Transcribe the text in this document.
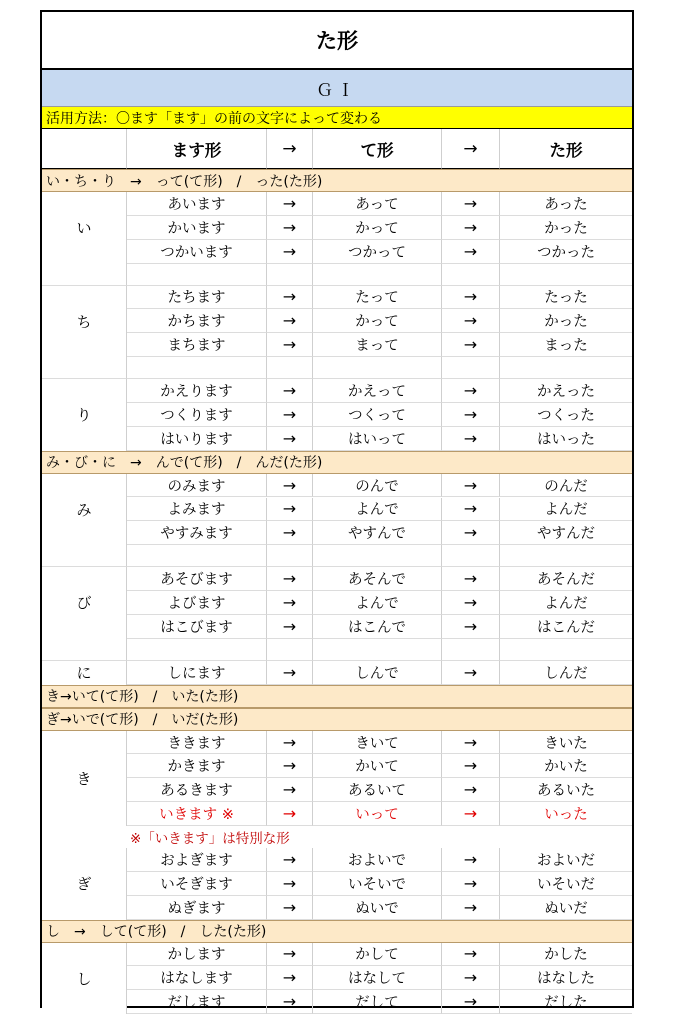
た形
ＧＩ
活用方法：〇ます「ます」の前の文字によって変わる
ます形	→	て形	→	た形
い・ち・り　→　って(て形)　/　った(た形)
あいます	→	あって	→	あった
かいます	→	かって	→	かった
つかいます	→	つかって	→	つかった
い
たちます	→	たって	→	たった
かちます	→	かって	→	かった
まちます	→	まって	→	まった
ち
かえります	→	かえって	→	かえった
つくります	→	つくって	→	つくった
はいります	→	はいって	→	はいった
り
み・び・に　→　んで(て形)　/　んだ(た形)
のみます	→	のんで	→	のんだ
よみます	→	よんで	→	よんだ
やすみます	→	やすんで	→	やすんだ
み
あそびます	→	あそんで	→	あそんだ
よびます	→	よんで	→	よんだ
はこびます	→	はこんで	→	はこんだ
び
しにます	→	しんで	→	しんだ
に
き→いて(て形)　/　いた(た形)
ぎ→いで(て形)　/　いだ(た形)
ききます	→	きいて	→	きいた
かきます	→	かいて	→	かいた
あるきます	→	あるいて	→	あるいた
いきます ※	→	いって	→	いった
き
※「いきます」は特別な形
およぎます	→	およいで	→	およいだ
いそぎます	→	いそいで	→	いそいだ
ぬぎます	→	ぬいで	→	ぬいだ
ぎ
し　→　して(て形)　/　した(た形)
かします	→	かして	→	かした
はなします	→	はなして	→	はなした
だします	→	だして	→	だした
し
